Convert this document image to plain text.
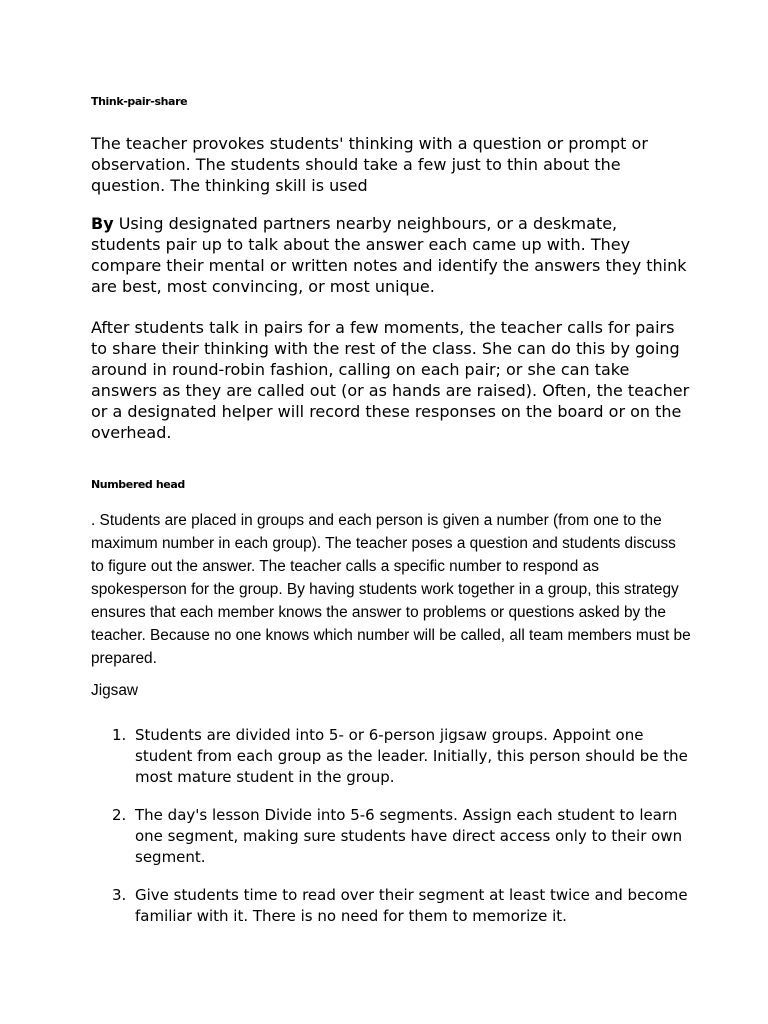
Think-pair-share

The teacher provokes students' thinking with a question or prompt or observation. The students should take a few just to thin about the question. The thinking skill is used

By Using designated partners nearby neighbours, or a deskmate, students pair up to talk about the answer each came up with. They compare their mental or written notes and identify the answers they think are best, most convincing, or most unique.

After students talk in pairs for a few moments, the teacher calls for pairs to share their thinking with the rest of the class. She can do this by going around in round-robin fashion, calling on each pair; or she can take answers as they are called out (or as hands are raised). Often, the teacher or a designated helper will record these responses on the board or on the overhead.

Numbered head

. Students are placed in groups and each person is given a number (from one to the maximum number in each group). The teacher poses a question and students discuss to figure out the answer. The teacher calls a specific number to respond as spokesperson for the group. By having students work together in a group, this strategy ensures that each member knows the answer to problems or questions asked by the teacher. Because no one knows which number will be called, all team members must be prepared.

Jigsaw

1. Students are divided into 5- or 6-person jigsaw groups. Appoint one student from each group as the leader. Initially, this person should be the most mature student in the group.
2. The day's lesson Divide into 5-6 segments. Assign each student to learn one segment, making sure students have direct access only to their own segment.
3. Give students time to read over their segment at least twice and become familiar with it. There is no need for them to memorize it.
